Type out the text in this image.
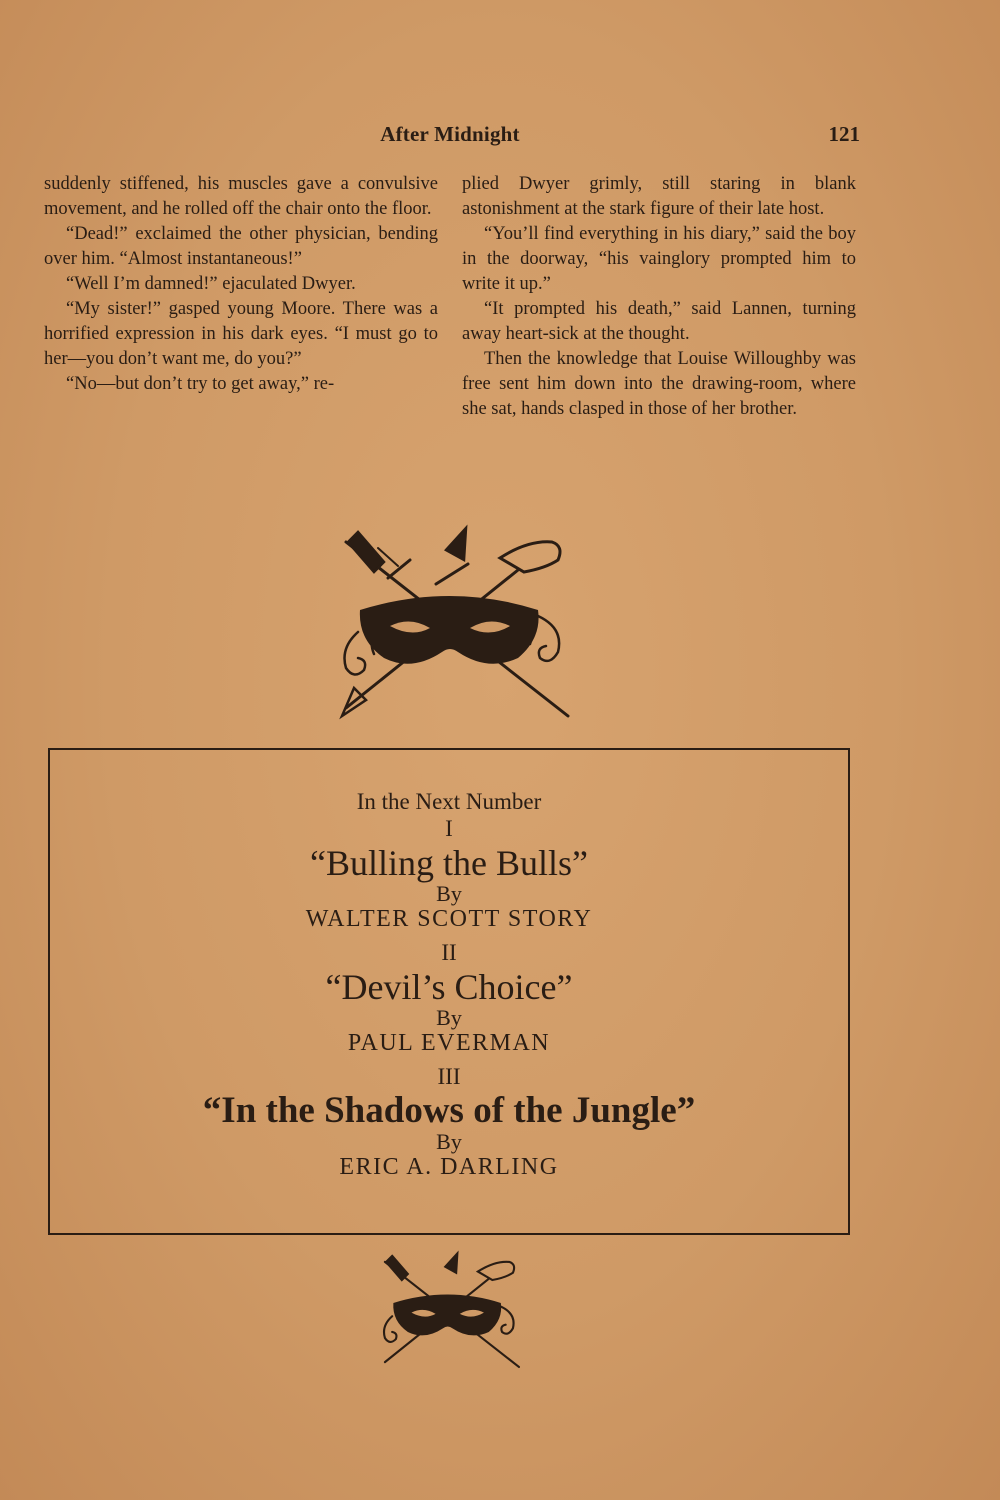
After Midnight	121

suddenly stiffened, his muscles gave a convulsive movement, and he rolled off the chair onto the floor.

“Dead!” exclaimed the other physician, bending over him. “Almost instantaneous!”

“Well I’m damned!” ejaculated Dwyer.

“My sister!” gasped young Moore. There was a horrified expression in his dark eyes. “I must go to her—you don’t want me, do you?”

“No—but don’t try to get away,” re-

plied Dwyer grimly, still staring in blank astonishment at the stark figure of their late host.

“You’ll find everything in his diary,” said the boy in the doorway, “his vainglory prompted him to write it up.”

“It prompted his death,” said Lannen, turning away heart-sick at the thought.

Then the knowledge that Louise Willoughby was free sent him down into the drawing-room, where she sat, hands clasped in those of her brother.

In the Next Number
I
“Bulling the Bulls”
By
WALTER SCOTT STORY
II
“Devil’s Choice”
By
PAUL EVERMAN
III
“In the Shadows of the Jungle”
By
ERIC A. DARLING
